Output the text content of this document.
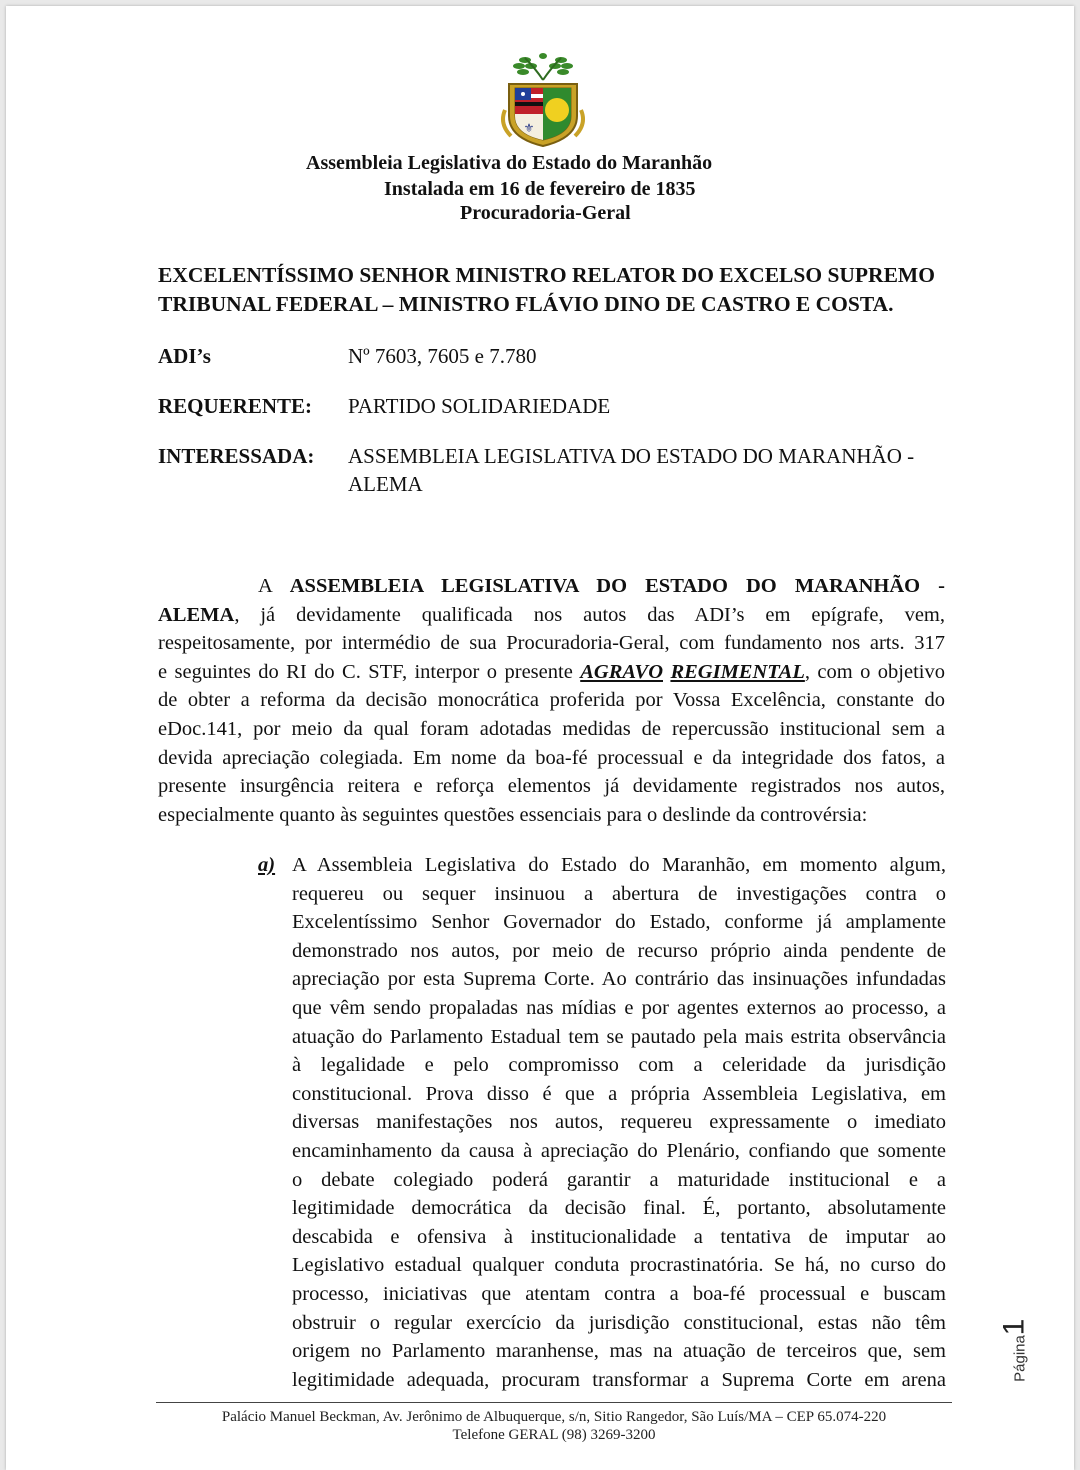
⚜
Assembleia Legislativa do Estado do Maranhão
Instalada em 16 de fevereiro de 1835
Procuradoria-Geral
EXCELENTÍSSIMO SENHOR MINISTRO RELATOR DO EXCELSO SUPREMO
TRIBUNAL FEDERAL – MINISTRO FLÁVIO DINO DE CASTRO E COSTA.
ADI’s	Nº 7603, 7605 e 7.780
REQUERENTE: PARTIDO SOLIDARIEDADE
INTERESSADA: ASSEMBLEIA LEGISLATIVA DO ESTADO DO MARANHÃO -
ALEMA
A ASSEMBLEIA LEGISLATIVA DO ESTADO DO MARANHÃO -
ALEMA, já devidamente qualificada nos autos das ADI’s em epígrafe, vem,
respeitosamente, por intermédio de sua Procuradoria-Geral, com fundamento nos arts. 317
e seguintes do RI do C. STF, interpor o presente AGRAVO REGIMENTAL, com o objetivo
de obter a reforma da decisão monocrática proferida por Vossa Excelência, constante do
eDoc.141, por meio da qual foram adotadas medidas de repercussão institucional sem a
devida apreciação colegiada. Em nome da boa-fé processual e da integridade dos fatos, a
presente insurgência reitera e reforça elementos já devidamente registrados nos autos,
especialmente quanto às seguintes questões essenciais para o deslinde da controvérsia:
a) A Assembleia Legislativa do Estado do Maranhão, em momento algum,
requereu ou sequer insinuou a abertura de investigações contra o
Excelentíssimo Senhor Governador do Estado, conforme já amplamente
demonstrado nos autos, por meio de recurso próprio ainda pendente de
apreciação por esta Suprema Corte. Ao contrário das insinuações infundadas
que vêm sendo propaladas nas mídias e por agentes externos ao processo, a
atuação do Parlamento Estadual tem se pautado pela mais estrita observância
à legalidade e pelo compromisso com a celeridade da jurisdição
constitucional. Prova disso é que a própria Assembleia Legislativa, em
diversas manifestações nos autos, requereu expressamente o imediato
encaminhamento da causa à apreciação do Plenário, confiando que somente
o debate colegiado poderá garantir a maturidade institucional e a
legitimidade democrática da decisão final. É, portanto, absolutamente
descabida e ofensiva à institucionalidade a tentativa de imputar ao
Legislativo estadual qualquer conduta procrastinatória. Se há, no curso do
processo, iniciativas que atentam contra a boa-fé processual e buscam
obstruir o regular exercício da jurisdição constitucional, estas não têm
origem no Parlamento maranhense, mas na atuação de terceiros que, sem
legitimidade adequada, procuram transformar a Suprema Corte em arena	Página
1
Palácio Manuel Beckman, Av. Jerônimo de Albuquerque, s/n, Sitio Rangedor, São Luís/MA – CEP 65.074-220
Telefone GERAL (98) 3269-3200
